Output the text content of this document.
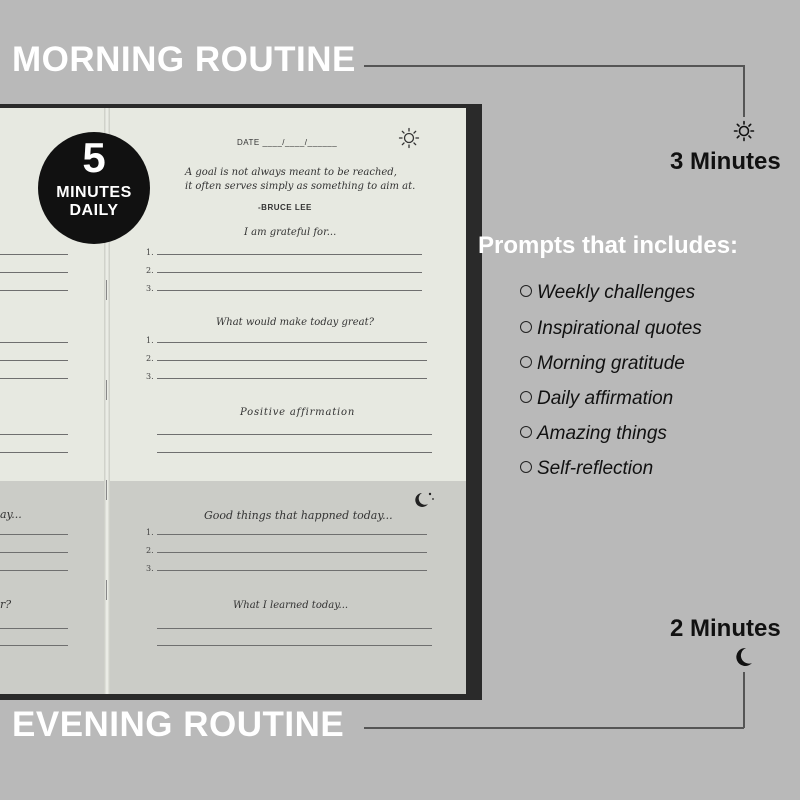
MORNING ROUTINE
EVENING ROUTINE
3 Minutes
2 Minutes
ay...
r?
5
MINUTES
DAILY
DATE ____/____/______
A goal is not always meant to be reached,
it often serves simply as something to aim at.
-BRUCE LEE
I am grateful for...
1.
2.
3.
What would make today great?
1.
2.
3.
Positive affirmation
Good things that happned today...
1.
2.
3.
What I learned today...
Prompts that includes:
Weekly challenges
Inspirational quotes
Morning gratitude
Daily affirmation
Amazing things
Self-reflection
